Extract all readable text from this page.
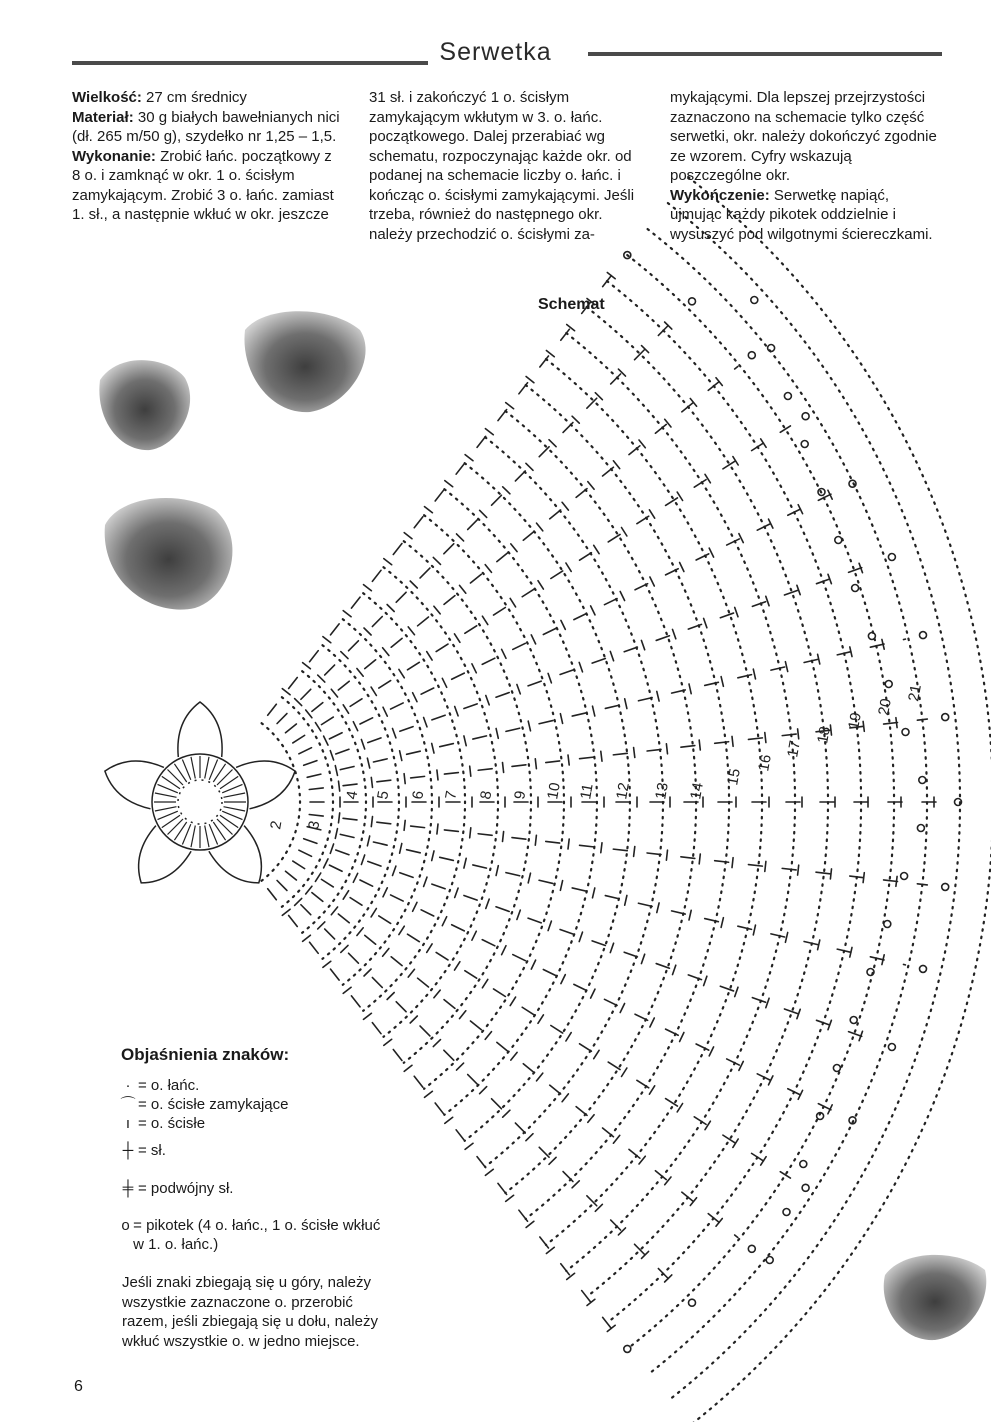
Serwetka

Wielkość: 27 cm średnicy

Materiał: 30 g białych bawełnianych nici (dł. 265 m/50 g), szydełko nr 1,25 – 1,5.

Wykonanie: Zrobić łańc. początkowy z 8 o. i zamknąć w okr. 1 o. ścisłym zamykającym. Zrobić 3 o. łańc. zamiast 1. sł., a następnie wkłuć w okr. jeszcze

31 sł. i zakończyć 1 o. ścisłym zamykającym wkłutym w 3. o. łańc. początkowego. Dalej przerabiać wg schematu, rozpoczynając każde okr. od podanej na schemacie liczby o. łańc. i kończąc o. ścisłymi zamykającymi. Jeśli trzeba, również do następnego okr. należy przechodzić o. ścisłymi za-

mykającymi. Dla lepszej przejrzystości zaznaczono na schemacie tylko część serwetki, okr. należy dokończyć zgodnie ze wzorem. Cyfry wskazują poszczególne okr.

Wykończenie: Serwetkę napiąć, ujmując każdy pikotek oddzielnie i wysuszyć pod wilgotnymi ściereczkami.

Schemat
2 3
4 5 6 7 8 9 10 11 12 13 14
15
16
17
18
19
20
21
Objaśnienia znaków:
· = o. łańc.
⌒ = o. ścisłe zamykające
ı = o. ścisłe
┼ = sł.
╪ = podwójny sł.
o = pikotek (4 o. łańc., 1 o. ścisłe wkłuć w 1. o. łańc.)
Jeśli znaki zbiegają się u góry, należy wszystkie zaznaczone o. przerobić razem, jeśli zbiegają się u dołu, należy wkłuć wszystkie o. w jedno miejsce.
6
